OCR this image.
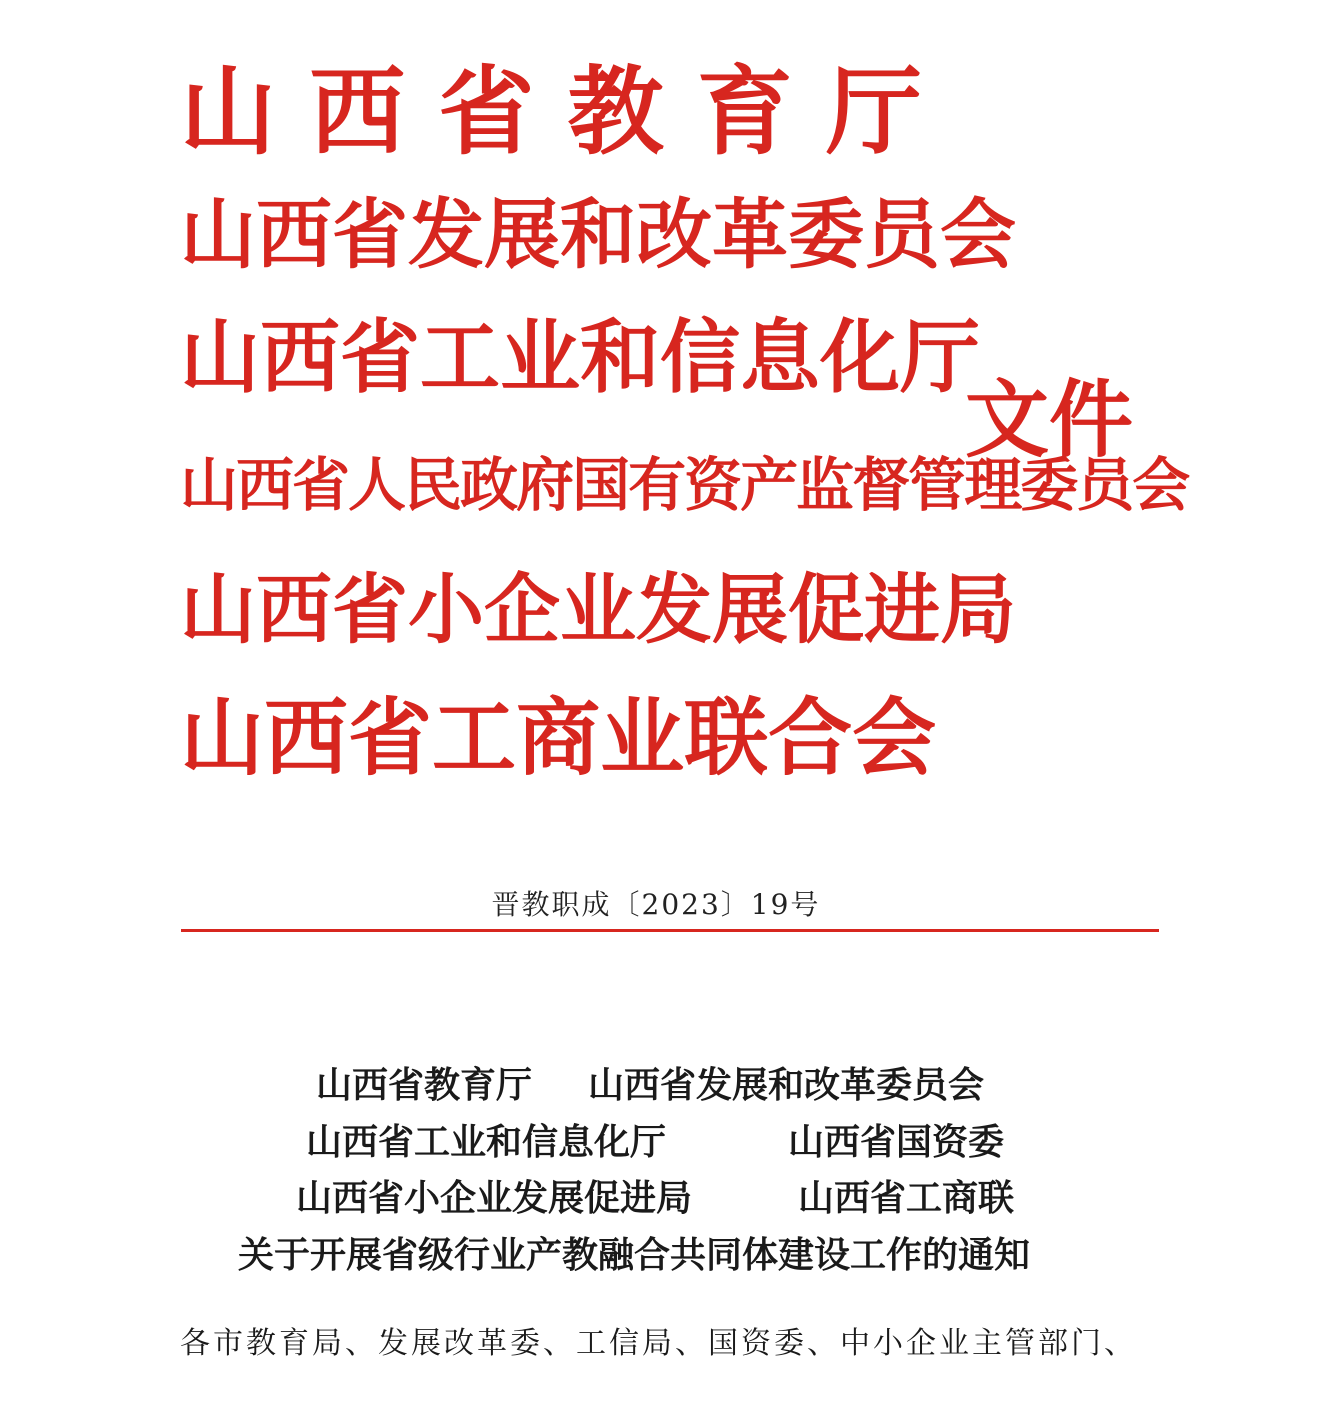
山 西 省 教 育 厅
山 西 省 发 展 和 改 革 委 员 会
山 西 省 工 业 和 信 息 化 厅
山 西 省 人 民 政 府 国 有 资 产 监 督 管 理 委 员 会
山 西 省 小 企 业 发 展 促 进 局
山 西 省 工 商 业 联 合 会
文件
晋教职成〔2023〕19号
山西省教育厅 山西省发展和改革委员会
山西省工业和信息化厅	山西省国资委
山西省小企业发展促进局	山西省工商联
关于开展省级行业产教融合共同体建设工作的通知
各市教育局、发展改革委、工信局、国资委、中小企业主管部门、
